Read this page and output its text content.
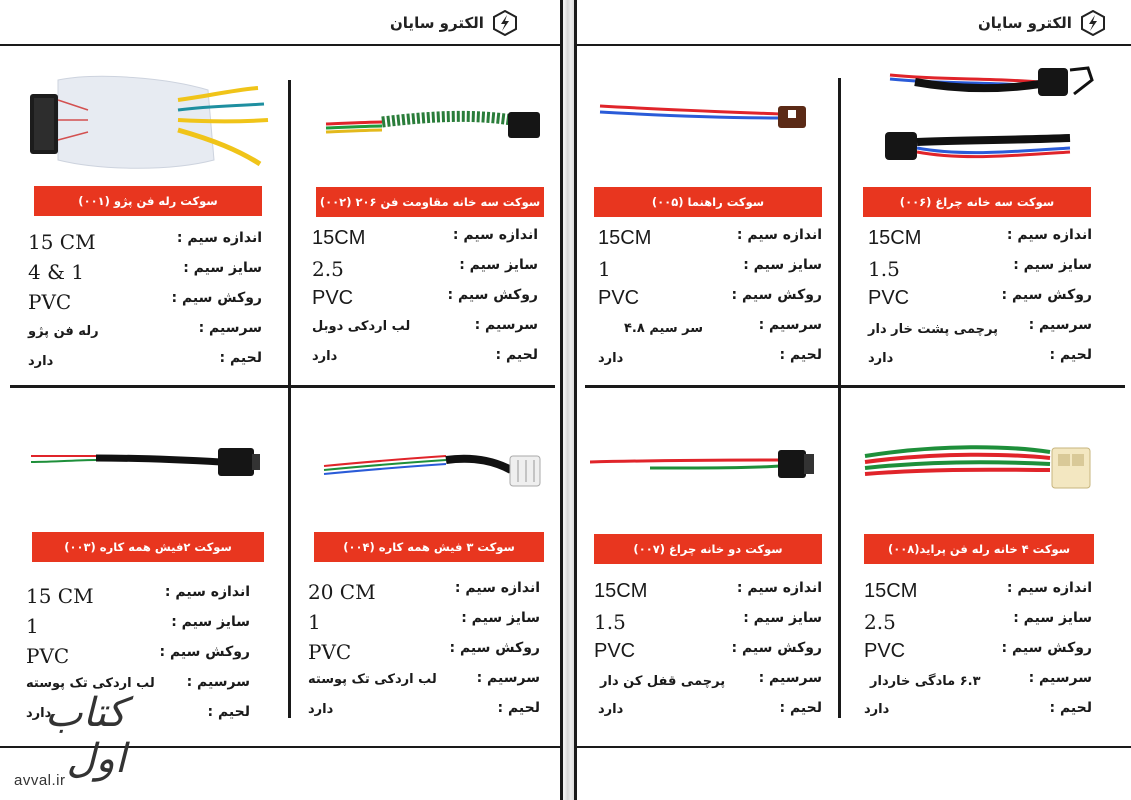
الکترو سایان	الکترو سایان
سوکت سه خانه چراغ (۰۰۶)
اندازه سیم :
15CM
سایز سیم :
1.5
روکش سیم :
PVC
سرسیم :
پرچمی پشت خار دار
لحیم :
دارد
سوکت راهنما (۰۰۵)
اندازه سیم :
15CM
سایز سیم :
1
روکش سیم :
PVC
سرسیم :
سر سیم ۴.۸
لحیم :
دارد
سوکت سه خانه مقاومت فن ۲۰۶ (۰۰۲)
اندازه سیم :
15CM
سایز سیم :
2.5
روکش سیم :
PVC
سرسیم :
لب اردکی دوبل
لحیم :
دارد
سوکت رله فن پژو (۰۰۱)
اندازه سیم :
15 CM
سایز سیم :
4 & 1
روکش سیم :
PVC
سرسیم :
رله فن پژو
لحیم :
دارد
سوکت ۴ خانه رله فن پراید(۰۰۸)
اندازه سیم :
15CM
سایز سیم :
2.5
روکش سیم :
PVC
سرسیم :
۶.۳ مادگی خاردار
لحیم :
دارد
سوکت دو خانه چراغ (۰۰۷)
اندازه سیم :
15CM
سایز سیم :
1.5
روکش سیم :
PVC
سرسیم :
پرچمی قفل کن دار
لحیم :
دارد
سوکت ۳ فیش همه کاره (۰۰۴)
اندازه سیم :
20 CM
سایز سیم :
1
روکش سیم :
PVC
سرسیم :
لب اردکی تک پوسته
لحیم :
دارد
سوکت ۲فیش همه کاره (۰۰۳)
اندازه سیم :
15 CM
سایز سیم :
1
روکش سیم :
PVC
سرسیم :
لب اردکی تک پوسته
لحیم :
دارد
کتاب اول
avval.ir
